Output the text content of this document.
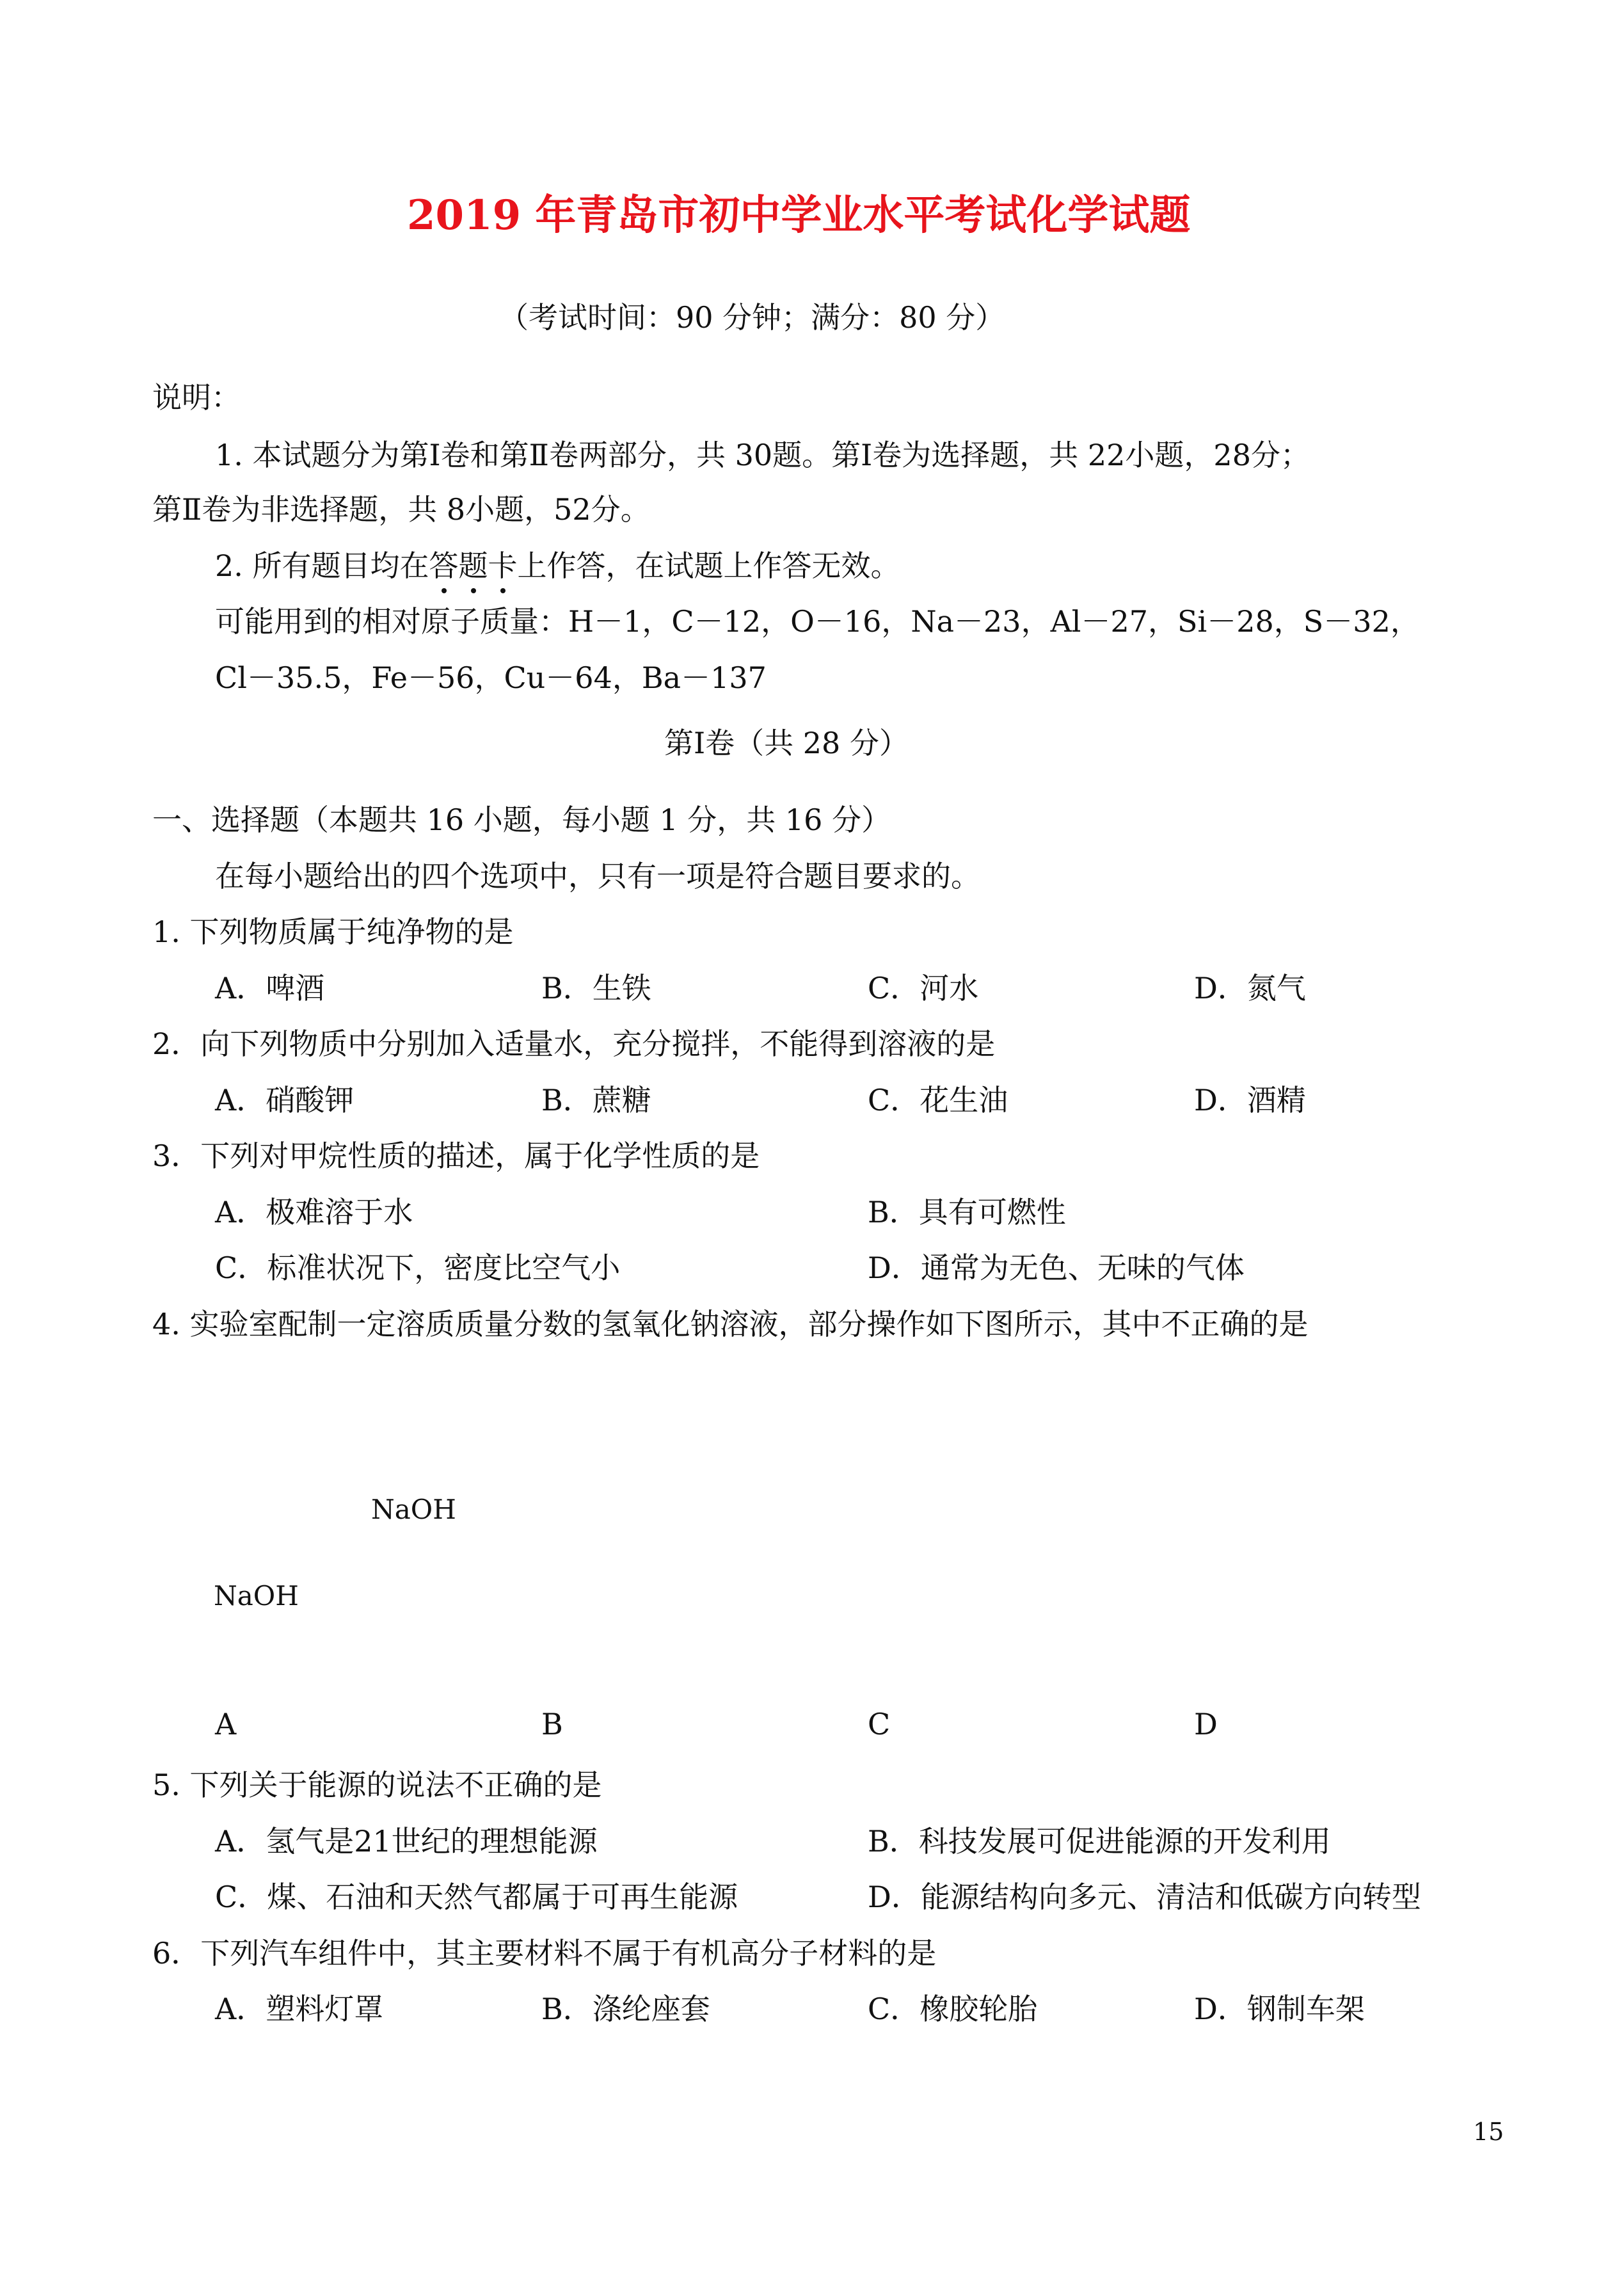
2019 年青岛市初中学业水平考试化学试题
（考试时间：90 分钟；满分：80 分）
说明：
1. 本试题分为第Ⅰ卷和第Ⅱ卷两部分，共 30题。第Ⅰ卷为选择题，共 22小题，28分；
第Ⅱ卷为非选择题，共 8小题，52分。
2. 所有题目均在答题卡上作答，在试题上作答无效。
可能用到的相对原子质量：H－1，C－12，O－16，Na－23，Al－27，Si－28，S－32，
Cl－35.5，Fe－56，Cu－64，Ba－137
第Ⅰ卷（共 28 分）
一、选择题（本题共 16 小题，每小题 1 分，共 16 分）
在每小题给出的四个选项中，只有一项是符合题目要求的。
1. 下列物质属于纯净物的是
A．啤酒	B．生铁	C．河水	D．氮气
2．向下列物质中分别加入适量水，充分搅拌，不能得到溶液的是
A．硝酸钾	B．蔗糖	C．花生油	D．酒精
3．下列对甲烷性质的描述，属于化学性质的是
A．极难溶于水	B．具有可燃性
C．标准状况下，密度比空气小	D．通常为无色、无味的气体
4. 实验室配制一定溶质质量分数的氢氧化钠溶液，部分操作如下图所示，其中不正确的是
NaOH
NaOH
A	B	C	D
5. 下列关于能源的说法不正确的是
A．氢气是21世纪的理想能源	B．科技发展可促进能源的开发利用
C．煤、石油和天然气都属于可再生能源	D．能源结构向多元、清洁和低碳方向转型
6．下列汽车组件中，其主要材料不属于有机高分子材料的是
A．塑料灯罩	B．涤纶座套	C．橡胶轮胎	D．钢制车架
15
